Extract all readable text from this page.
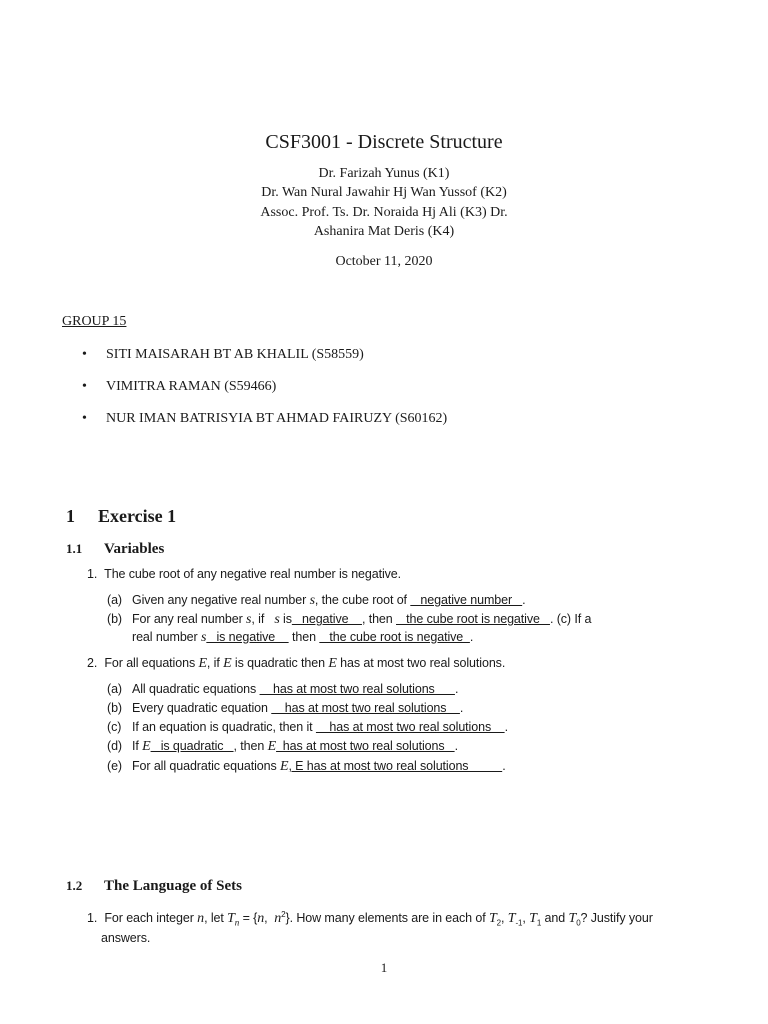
CSF3001 - Discrete Structure
Dr. Farizah Yunus (K1)
Dr. Wan Nural Jawahir Hj Wan Yussof (K2)
Assoc. Prof. Ts. Dr. Noraida Hj Ali (K3) Dr.
Ashanira Mat Deris (K4)
October 11, 2020
GROUP 15
• SITI MAISARAH BT AB KHALIL (S58559)
• VIMITRA RAMAN (S59466)
• NUR IMAN BATRISYIA BT AHMAD FAIRUZY (S60162)
1 Exercise 1
1.1 Variables
1. The cube root of any negative real number is negative.
(a) Given any negative real number s, the cube root of    negative number   .
(b) For any real number s, if   s is   negative    , then    the cube root is negative   . (c) If a
real number s   is negative     then    the cube root is negative  .
2. For all equations E, if E is quadratic then E has at most two real solutions.
(a) All quadratic equations     has at most two real solutions      .
(b) Every quadratic equation     has at most two real solutions    .
(c) If an equation is quadratic, then it     has at most two real solutions    .
(d) If E   is quadratic   , then E  has at most two real solutions   .
(e) For all quadratic equations E, E has at most two real solutions          .
1.2 The Language of Sets
1. For each integer n, let $T_n = \{n$,  $n^2$}. How many elements are in each of $T_2$, $T_{-1}$, $T_1$ and $T_0$? Justify your
answers.
1
